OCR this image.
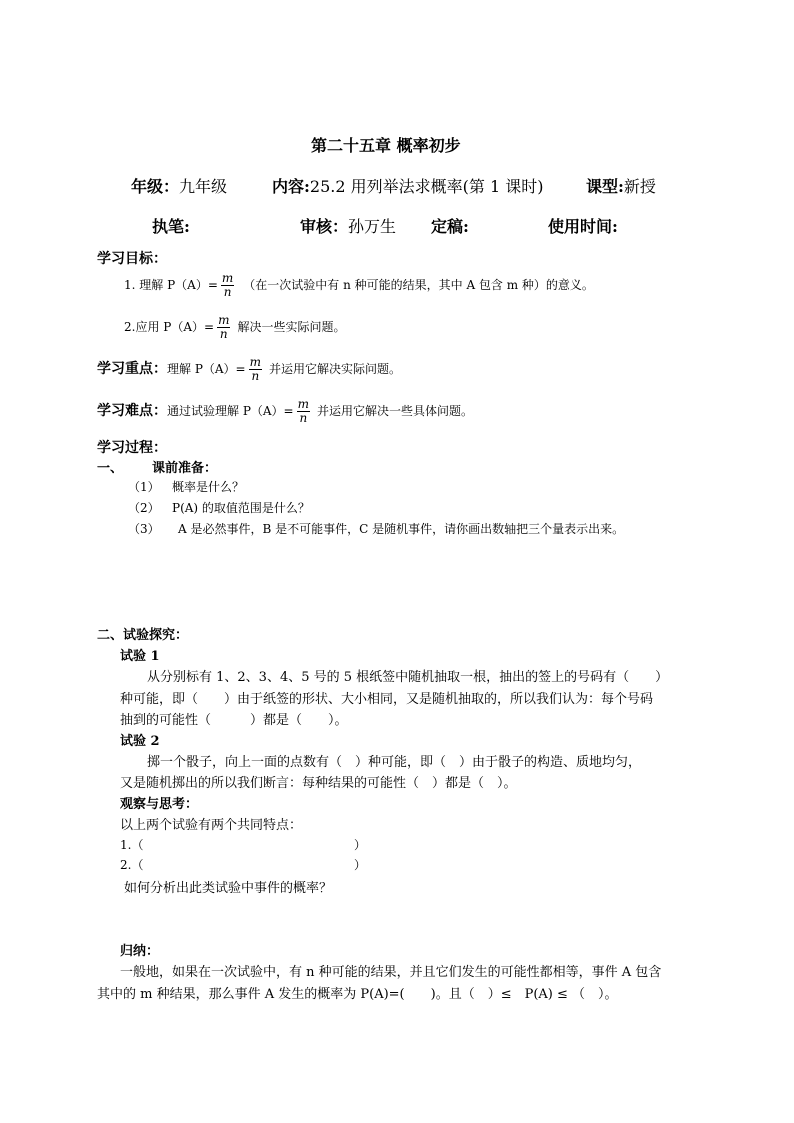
第二十五章 概率初步
年级：九年级	内容:25.2 用列举法求概率(第 1 课时)	课型:新授
执笔:	审核：孙万生 定稿:	使用时间:
学习目标：
1. 理解 $P(A)= \frac{m}{n}$ （在一次试验中有 n 种可能的结果，其中 A 包含 m 种）的意义。
2.应用 $P(A)= \frac{m}{n}$ 解决一些实际问题。
学习重点：理解 $P(A)= \frac{m}{n}$ 并运用它解决实际问题。
学习难点：通过试验理解 $P(A)= \frac{m}{n}$ 并运用它解决一些具体问题。
学习过程：
一、 课前准备：
（1） 概率是什么？
（2） P(A) 的取值范围是什么？
（3） A 是必然事件，B 是不可能事件，C 是随机事件，请你画出数轴把三个量表示出来。
二、试验探究：
试验 1
从分别标有 1、2、3、4、5 号的 5 根纸签中随机抽取一根，抽出的签上的号码有（　　）
种可能，即（　　）由于纸签的形状、大小相同，又是随机抽取的，所以我们认为：每个号码
抽到的可能性（　　　）都是（　　）。
试验 2
掷一个骰子，向上一面的点数有（　）种可能，即（　）由于骰子的构造、质地均匀，
又是随机掷出的所以我们断言：每种结果的可能性（　）都是（　）。
观察与思考：
以上两个试验有两个共同特点：
1.（	）
2.（	）
如何分析出此类试验中事件的概率？
归纳：
一般地，如果在一次试验中，有 n 种可能的结果，并且它们发生的可能性都相等，事件 A 包含
其中的 m 种结果，那么事件 A 发生的概率为 P(A)=(　　)。且（　）≤　P(A) ≤ （　）。
